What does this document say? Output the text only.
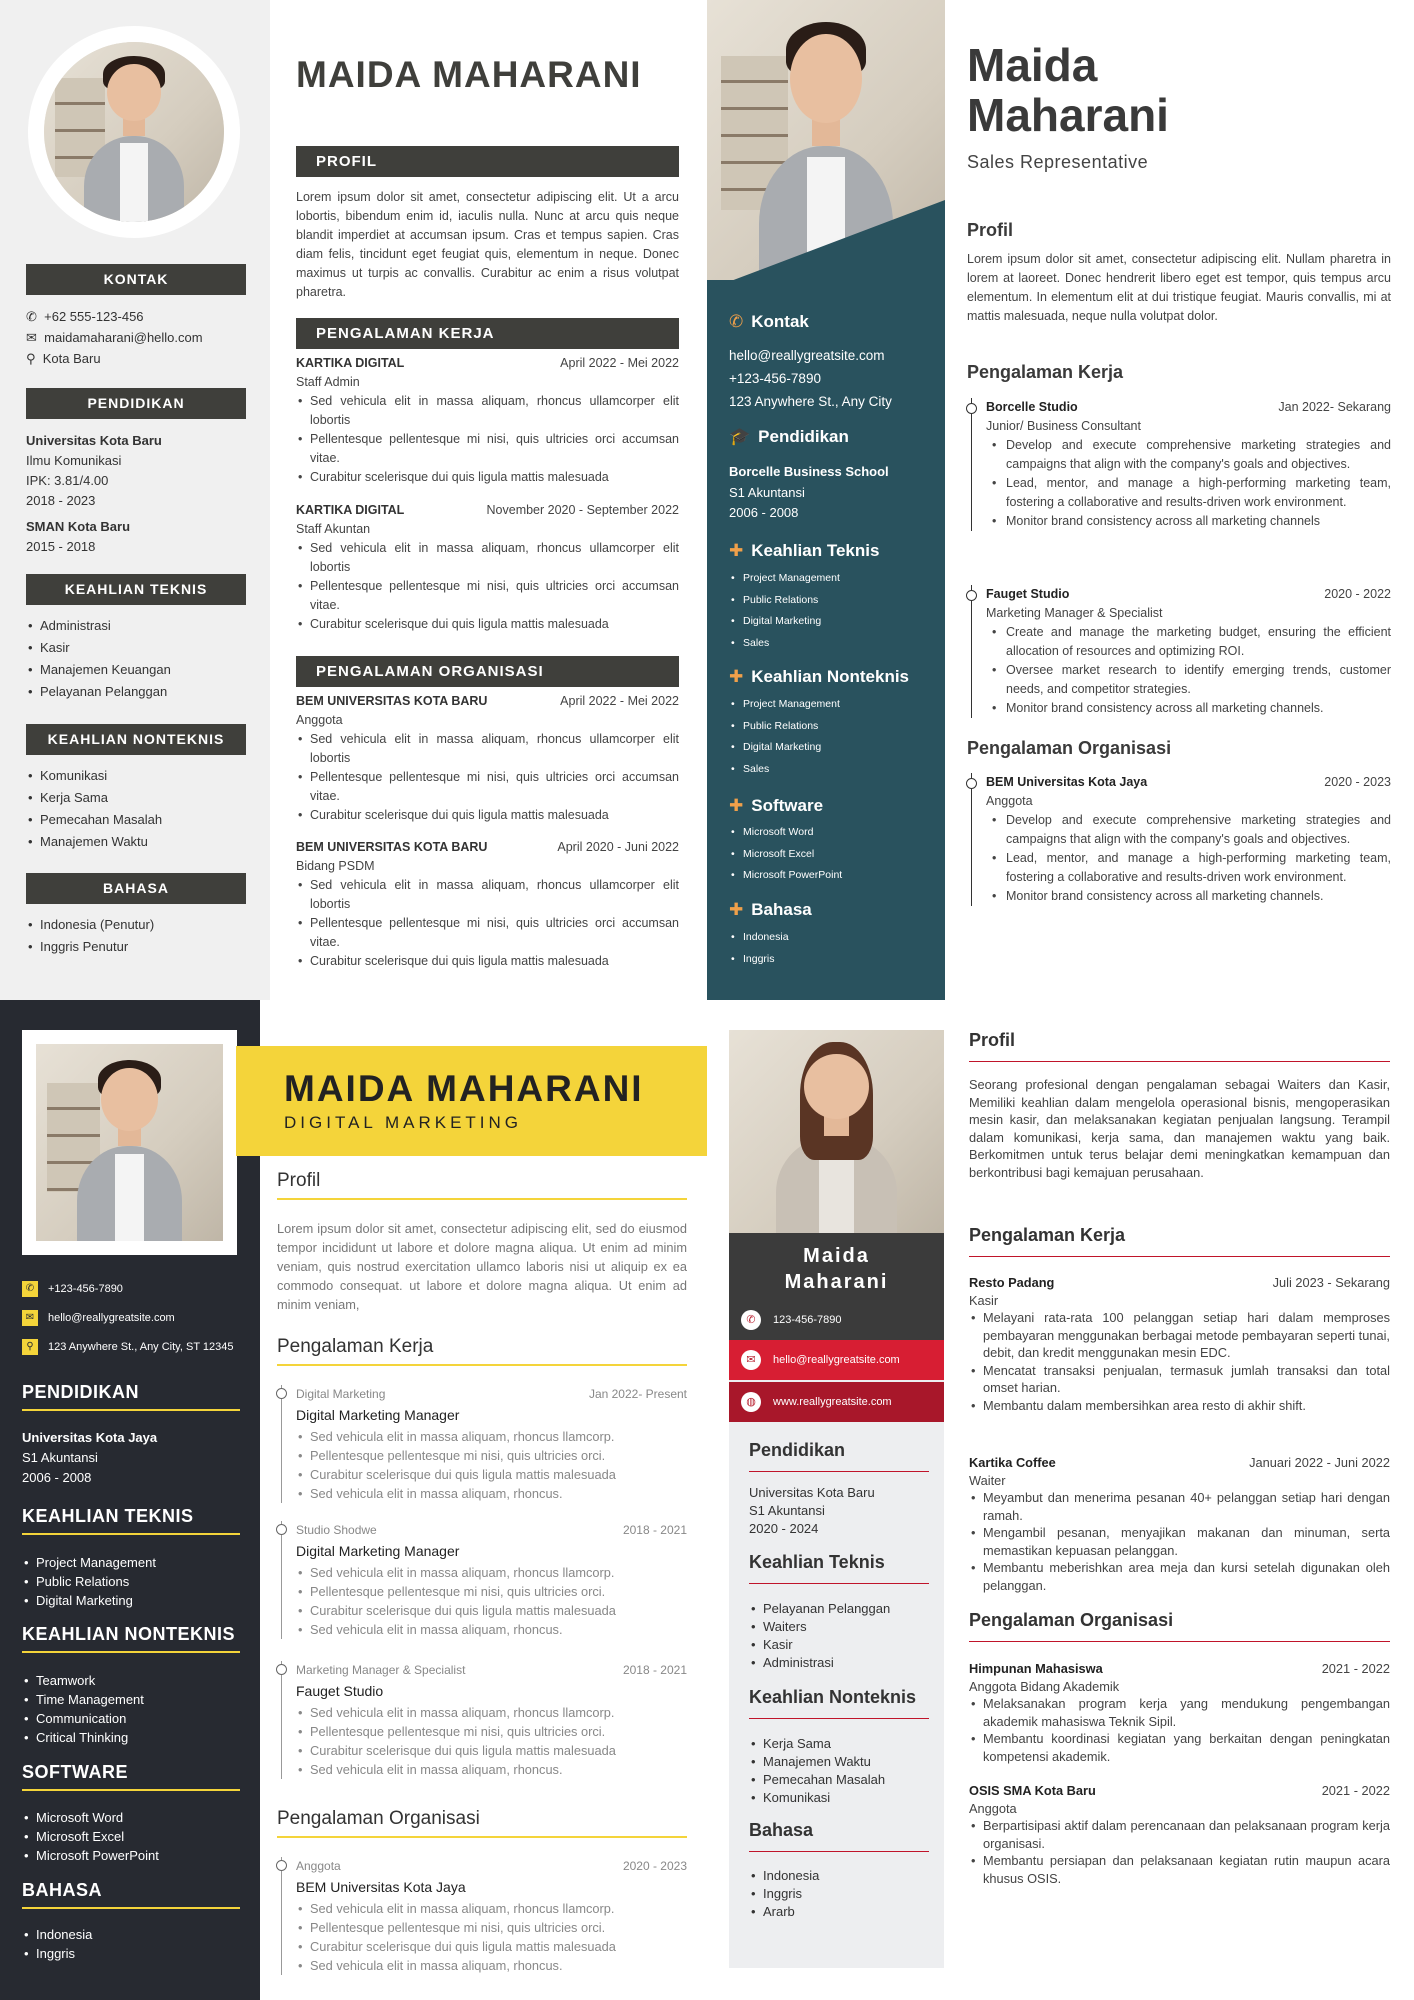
KONTAK
✆ +62 555-123-456
✉ maidamaharani@hello.com
⚲ Kota Baru
PENDIDIKAN
Universitas Kota Baru
Ilmu Komunikasi
IPK: 3.81/4.00
2018 - 2023
SMAN Kota Baru
2015 - 2018
KEAHLIAN TEKNIS
• Administrasi
• Kasir
• Manajemen Keuangan
• Pelayanan Pelanggan
KEAHLIAN NONTEKNIS
• Komunikasi
• Kerja Sama
• Pemecahan Masalah
• Manajemen Waktu
BAHASA
• Indonesia (Penutur)
• Inggris Penutur
MAIDA MAHARANI
PROFIL
Lorem ipsum dolor sit amet, consectetur adipiscing elit. Ut a arcu lobortis, bibendum enim id, iaculis nulla. Nunc at arcu quis neque blandit imperdiet at accumsan ipsum. Cras et tempus sapien. Cras diam felis, tincidunt eget feugiat quis, elementum in neque. Donec maximus ut turpis ac convallis. Curabitur ac enim a risus volutpat pharetra.
PENGALAMAN KERJA
KARTIKA DIGITAL	April 2022 - Mei 2022
Staff Admin
• Sed vehicula elit in massa aliquam, rhoncus ullamcorper elit lobortis
• Pellentesque pellentesque mi nisi, quis ultricies orci accumsan vitae.
• Curabitur scelerisque dui quis ligula mattis malesuada
KARTIKA DIGITAL	November 2020 - September 2022
Staff Akuntan
• Sed vehicula elit in massa aliquam, rhoncus ullamcorper elit lobortis
• Pellentesque pellentesque mi nisi, quis ultricies orci accumsan vitae.
• Curabitur scelerisque dui quis ligula mattis malesuada
PENGALAMAN ORGANISASI
BEM UNIVERSITAS KOTA BARU	April 2022 - Mei 2022
Anggota
• Sed vehicula elit in massa aliquam, rhoncus ullamcorper elit lobortis
• Pellentesque pellentesque mi nisi, quis ultricies orci accumsan vitae.
• Curabitur scelerisque dui quis ligula mattis malesuada
BEM UNIVERSITAS KOTA BARU	April 2020 - Juni 2022
Bidang PSDM
• Sed vehicula elit in massa aliquam, rhoncus ullamcorper elit lobortis
• Pellentesque pellentesque mi nisi, quis ultricies orci accumsan vitae.
• Curabitur scelerisque dui quis ligula mattis malesuada
✆ Kontak
hello@reallygreatsite.com
+123-456-7890
123 Anywhere St., Any City
🎓 Pendidikan
Borcelle Business School
S1 Akuntansi
2006 - 2008
✚ Keahlian Teknis
• Project Management
• Public Relations
• Digital Marketing
• Sales
✚ Keahlian Nonteknis
• Project Management
• Public Relations
• Digital Marketing
• Sales
✚ Software
• Microsoft Word
• Microsoft Excel
• Microsoft PowerPoint
✚ Bahasa
• Indonesia
• Inggris
Maida
Maharani
Sales Representative
Profil
Lorem ipsum dolor sit amet, consectetur adipiscing elit. Nullam pharetra in lorem at laoreet. Donec hendrerit libero eget est tempor, quis tempus arcu elementum. In elementum elit at dui tristique feugiat. Mauris convallis, mi at mattis malesuada, neque nulla volutpat dolor.
Pengalaman Kerja
Borcelle Studio	Jan 2022- Sekarang
Junior/ Business Consultant
• Develop and execute comprehensive marketing strategies and campaigns that align with the company's goals and objectives.
• Lead, mentor, and manage a high-performing marketing team, fostering a collaborative and results-driven work environment.
• Monitor brand consistency across all marketing channels
Fauget Studio	2020 - 2022
Marketing Manager & Specialist
• Create and manage the marketing budget, ensuring the efficient allocation of resources and optimizing ROI.
• Oversee market research to identify emerging trends, customer needs, and competitor strategies.
• Monitor brand consistency across all marketing channels.
Pengalaman Organisasi
BEM Universitas Kota Jaya	2020 - 2023
Anggota
• Develop and execute comprehensive marketing strategies and campaigns that align with the company's goals and objectives.
• Lead, mentor, and manage a high-performing marketing team, fostering a collaborative and results-driven work environment.
• Monitor brand consistency across all marketing channels.
✆	+123-456-7890
✉	hello@reallygreatsite.com
⚲	123 Anywhere St., Any City, ST 12345
PENDIDIKAN
Universitas Kota Jaya
S1 Akuntansi
2006 - 2008
KEAHLIAN TEKNIS
• Project Management
• Public Relations
• Digital Marketing
KEAHLIAN NONTEKNIS
• Teamwork
• Time Management
• Communication
• Critical Thinking
SOFTWARE
• Microsoft Word
• Microsoft Excel
• Microsoft PowerPoint
BAHASA
• Indonesia
• Inggris
MAIDA MAHARANI
DIGITAL MARKETING
Profil
Lorem ipsum dolor sit amet, consectetur adipiscing elit, sed do eiusmod tempor incididunt ut labore et dolore magna aliqua. Ut enim ad minim veniam, quis nostrud exercitation ullamco laboris nisi ut aliquip ex ea commodo consequat. ut labore et dolore magna aliqua. Ut enim ad minim veniam,
Pengalaman Kerja
Digital Marketing	Jan 2022- Present
Digital Marketing Manager
• Sed vehicula elit in massa aliquam, rhoncus llamcorp.
• Pellentesque pellentesque mi nisi, quis ultricies orci.
• Curabitur scelerisque dui quis ligula mattis malesuada
• Sed vehicula elit in massa aliquam, rhoncus.
Studio Shodwe	2018 - 2021
Digital Marketing Manager
• Sed vehicula elit in massa aliquam, rhoncus llamcorp.
• Pellentesque pellentesque mi nisi, quis ultricies orci.
• Curabitur scelerisque dui quis ligula mattis malesuada
• Sed vehicula elit in massa aliquam, rhoncus.
Marketing Manager & Specialist	2018 - 2021
Fauget Studio
• Sed vehicula elit in massa aliquam, rhoncus llamcorp.
• Pellentesque pellentesque mi nisi, quis ultricies orci.
• Curabitur scelerisque dui quis ligula mattis malesuada
• Sed vehicula elit in massa aliquam, rhoncus.
Pengalaman Organisasi
Anggota	2020 - 2023
BEM Universitas Kota Jaya
• Sed vehicula elit in massa aliquam, rhoncus llamcorp.
• Pellentesque pellentesque mi nisi, quis ultricies orci.
• Curabitur scelerisque dui quis ligula mattis malesuada
• Sed vehicula elit in massa aliquam, rhoncus.
Maida
Maharani
✆	123-456-7890
✉	hello@reallygreatsite.com
◍	www.reallygreatsite.com
Pendidikan
Universitas Kota Baru
S1 Akuntansi
2020 - 2024
Keahlian Teknis
• Pelayanan Pelanggan
• Waiters
• Kasir
• Administrasi
Keahlian Nonteknis
• Kerja Sama
• Manajemen Waktu
• Pemecahan Masalah
• Komunikasi
Bahasa
• Indonesia
• Inggris
• Ararb
Profil
Seorang profesional dengan pengalaman sebagai Waiters dan Kasir, Memiliki keahlian dalam mengelola operasional bisnis, mengoperasikan mesin kasir, dan melaksanakan kegiatan penjualan langsung. Terampil dalam komunikasi, kerja sama, dan manajemen waktu yang baik. Berkomitmen untuk terus belajar demi meningkatkan kemampuan dan berkontribusi bagi kemajuan perusahaan.
Pengalaman Kerja
Resto Padang	Juli 2023 - Sekarang
Kasir
• Melayani rata-rata 100 pelanggan setiap hari dalam memproses pembayaran menggunakan berbagai metode pembayaran seperti tunai, debit, dan kredit menggunakan mesin EDC.
• Mencatat transaksi penjualan, termasuk jumlah transaksi dan total omset harian.
• Membantu dalam membersihkan area resto di akhir shift.
Kartika Coffee	Januari 2022 - Juni 2022
Waiter
• Meyambut dan menerima pesanan 40+ pelanggan setiap hari dengan ramah.
• Mengambil pesanan, menyajikan makanan dan minuman, serta memastikan kepuasan pelanggan.
• Membantu meberishkan area meja dan kursi setelah digunakan oleh pelanggan.
Pengalaman Organisasi
Himpunan Mahasiswa	2021 - 2022
Anggota Bidang Akademik
• Melaksanakan program kerja yang mendukung pengembangan akademik mahasiswa Teknik Sipil.
• Membantu koordinasi kegiatan yang berkaitan dengan peningkatan kompetensi akademik.
OSIS SMA Kota Baru	2021 - 2022
Anggota
• Berpartisipasi aktif dalam perencanaan dan pelaksanaan program kerja organisasi.
• Membantu persiapan dan pelaksanaan kegiatan rutin maupun acara khusus OSIS.
